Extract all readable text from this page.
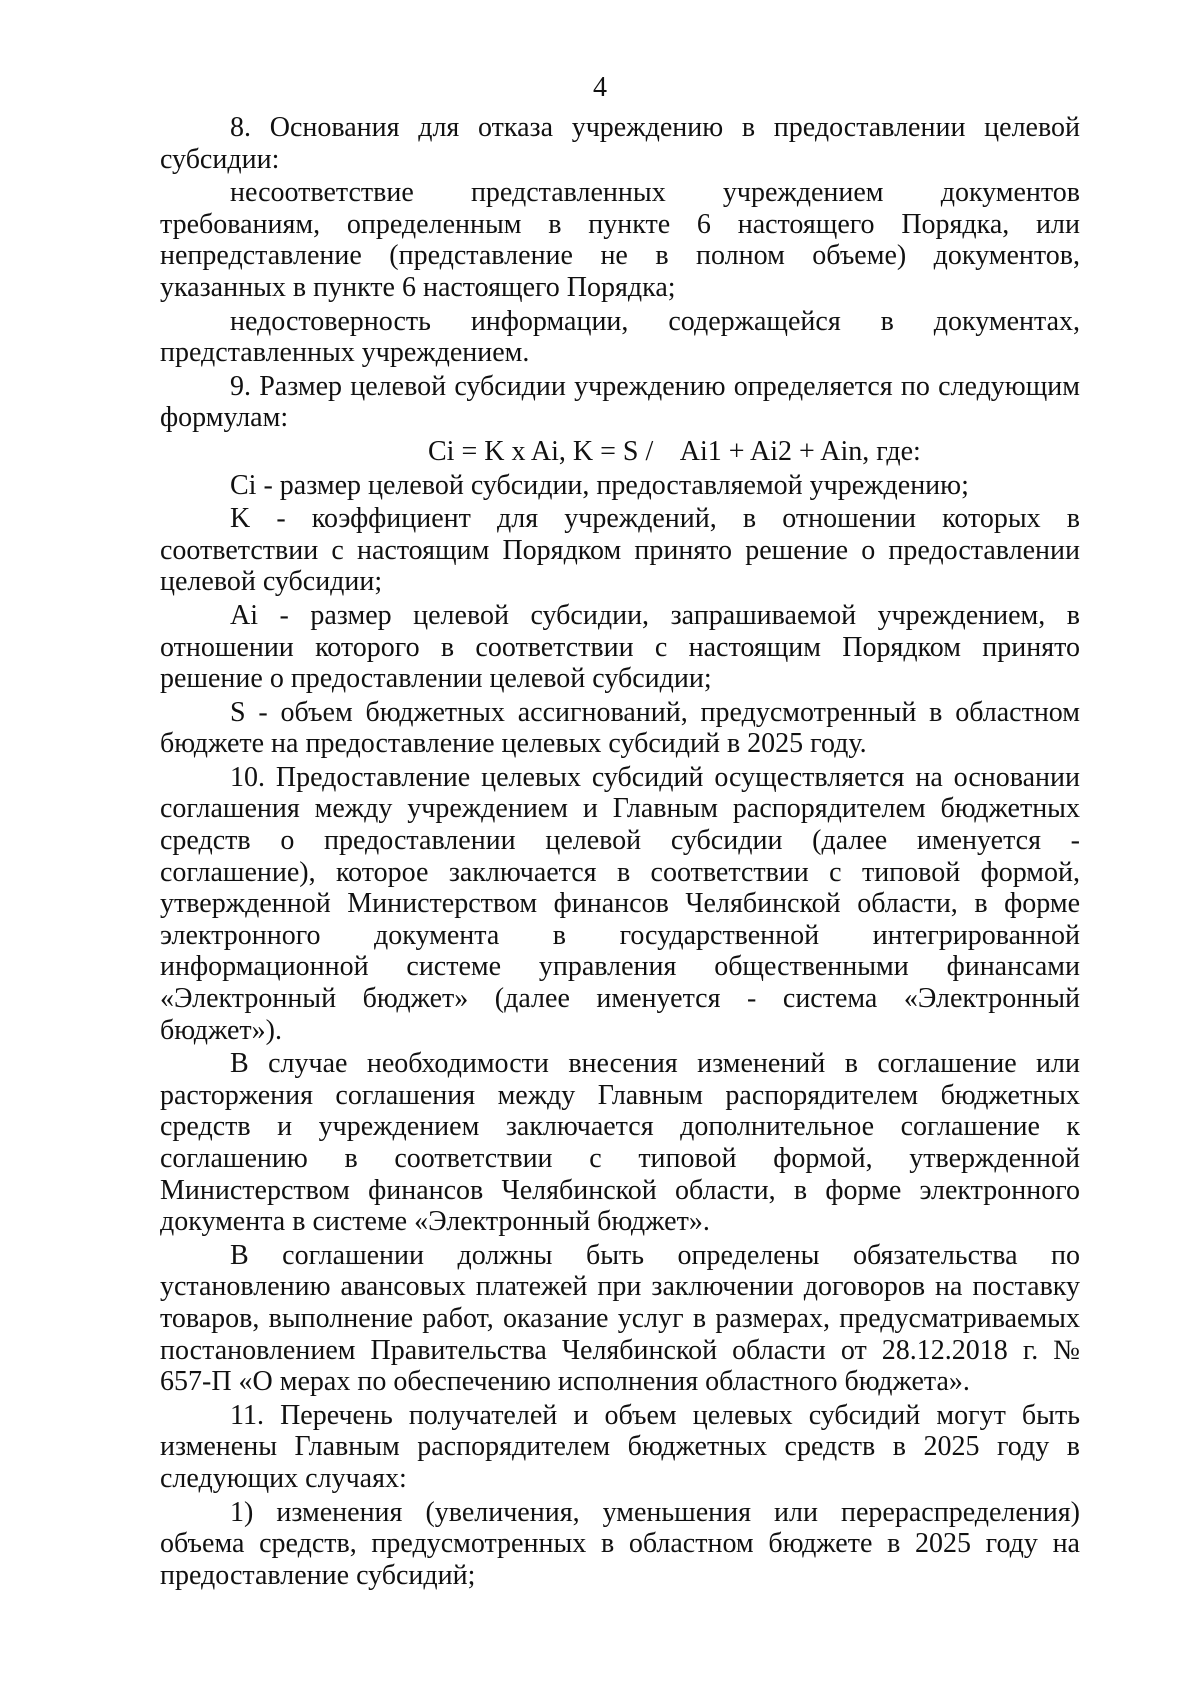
4

8. Основания для отказа учреждению в предоставлении целевой субсидии:

несоответствие представленных учреждением документов требованиям, определенным в пункте 6 настоящего Порядка, или непредставление (представление не в полном объеме) документов, указанных в пункте 6 настоящего Порядка;

недостоверность информации, содержащейся в документах, представленных учреждением.

9. Размер целевой субсидии учреждению определяется по следующим формулам:

Ci = K x Ai, K = S /    Ai1 + Ai2 + Ain, где:

Ci - размер целевой субсидии, предоставляемой учреждению;

K - коэффициент для учреждений, в отношении которых в соответствии с настоящим Порядком принято решение о предоставлении целевой субсидии;

Ai - размер целевой субсидии, запрашиваемой учреждением, в отношении которого в соответствии с настоящим Порядком принято решение о предоставлении целевой субсидии;

S - объем бюджетных ассигнований, предусмотренный в областном бюджете на предоставление целевых субсидий в 2025 году.

10. Предоставление целевых субсидий осуществляется на основании соглашения между учреждением и Главным распорядителем бюджетных средств о предоставлении целевой субсидии (далее именуется - соглашение), которое заключается в соответствии с типовой формой, утвержденной Министерством финансов Челябинской области, в форме электронного документа в государственной интегрированной информационной системе управления общественными финансами «Электронный бюджет» (далее именуется - система «Электронный бюджет»).

В случае необходимости внесения изменений в соглашение или расторжения соглашения между Главным распорядителем бюджетных средств и учреждением заключается дополнительное соглашение к соглашению в соответствии с типовой формой, утвержденной Министерством финансов Челябинской области, в форме электронного документа в системе «Электронный бюджет».

В соглашении должны быть определены обязательства по установлению авансовых платежей при заключении договоров на поставку товаров, выполнение работ, оказание услуг в размерах, предусматриваемых постановлением Правительства Челябинской области от 28.12.2018 г. № 657-П «О мерах по обеспечению исполнения областного бюджета».

11. Перечень получателей и объем целевых субсидий могут быть изменены Главным распорядителем бюджетных средств в 2025 году в следующих случаях:

1) изменения (увеличения, уменьшения или перераспределения) объема средств, предусмотренных в областном бюджете в 2025 году на предоставление субсидий;
